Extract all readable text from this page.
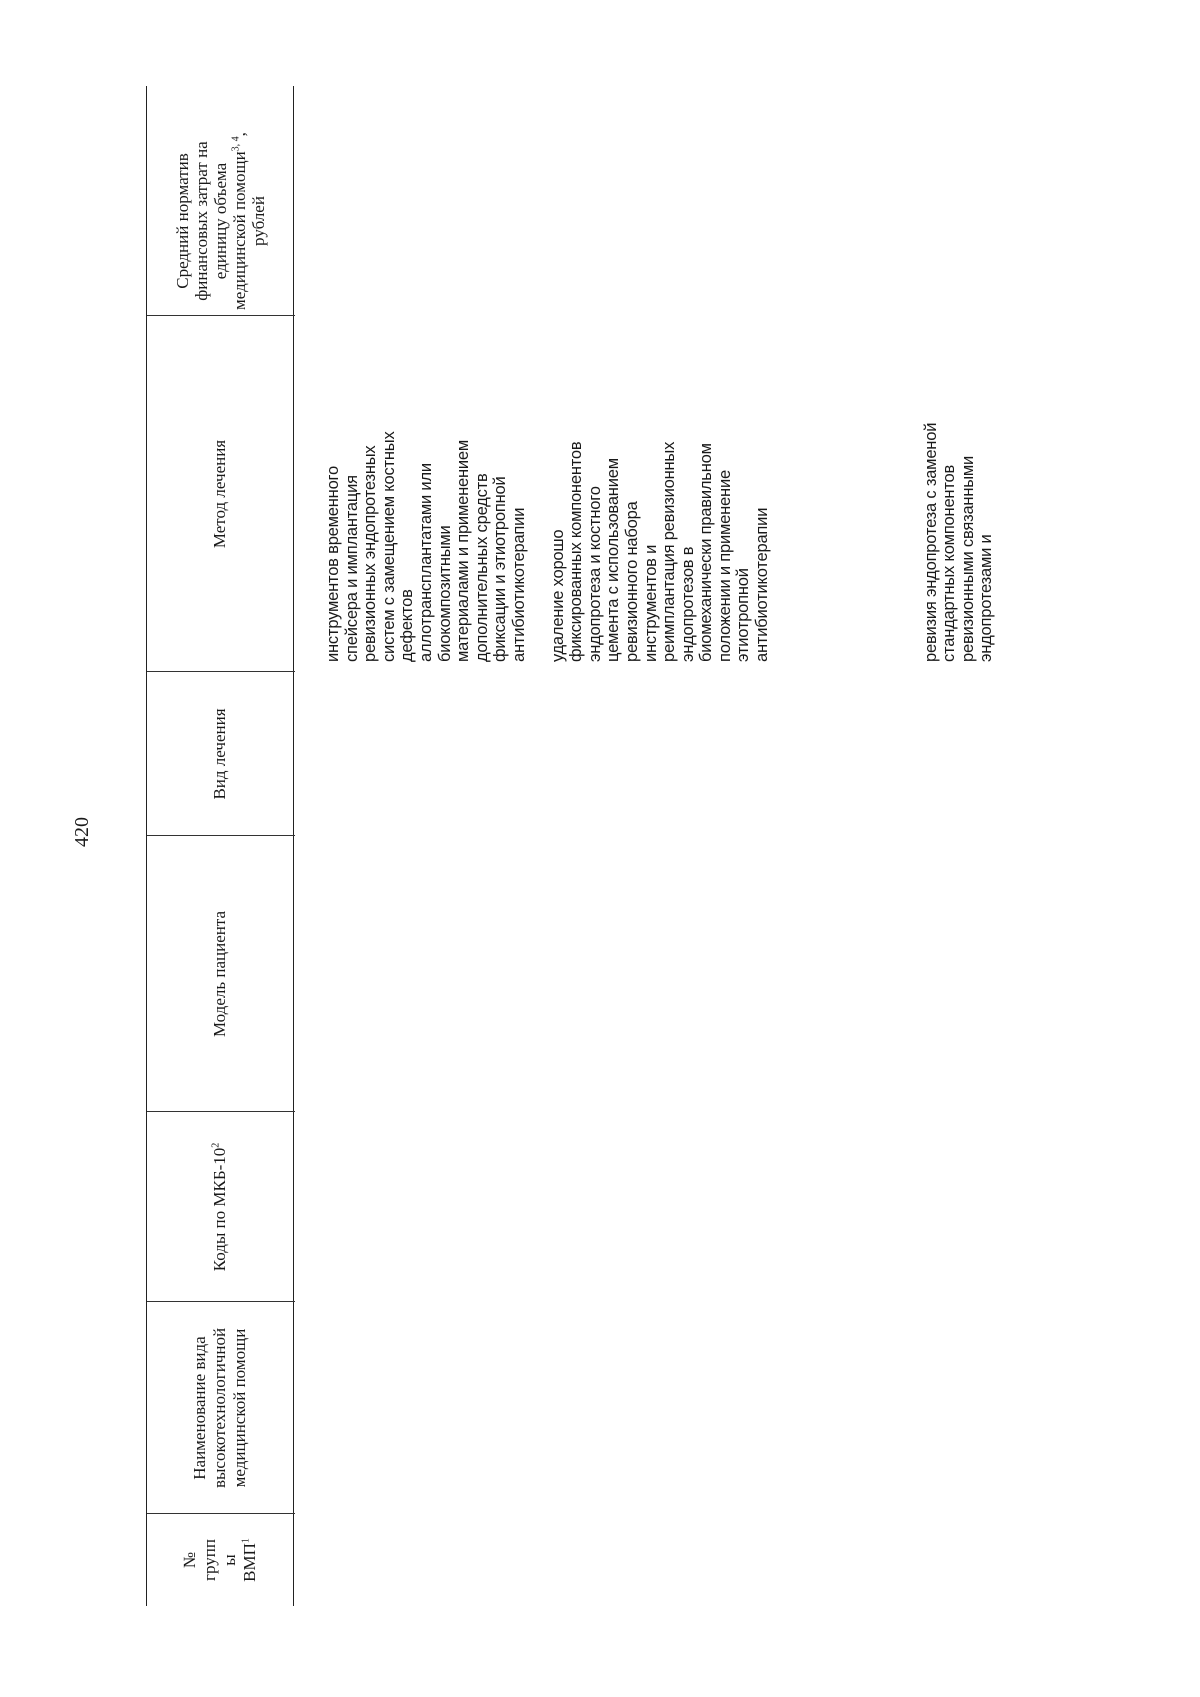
420
№
групп
ы
ВМП$^1$
Наименование вида высокотехнологичной медицинской помощи
Коды по МКБ-$10^2$
Модель пациента
Вид лечения
Метод лечения
Средний норматив финансовых затрат на единицу объема медицинской помощи$^{3, 4}$, рублей

инструментов временного
спейсера и имплантация
ревизионных эндопротезных
систем с замещением костных
дефектов
аллотрансплантатами или
биокомпозитными
материалами и применением
дополнительных средств
фиксации и этиотропной
антибиотикотерапии удаление хорошо
фиксированных компонентов
эндопротеза и костного
цемента с использованием
ревизионного набора
инструментов и
реимплантация ревизионных
эндопротезов в
биомеханически правильном
положении и применение
этиотропной
антибиотикотерапии	ревизия эндопротеза с заменой
стандартных компонентов
ревизионными связанными
эндопротезами и
